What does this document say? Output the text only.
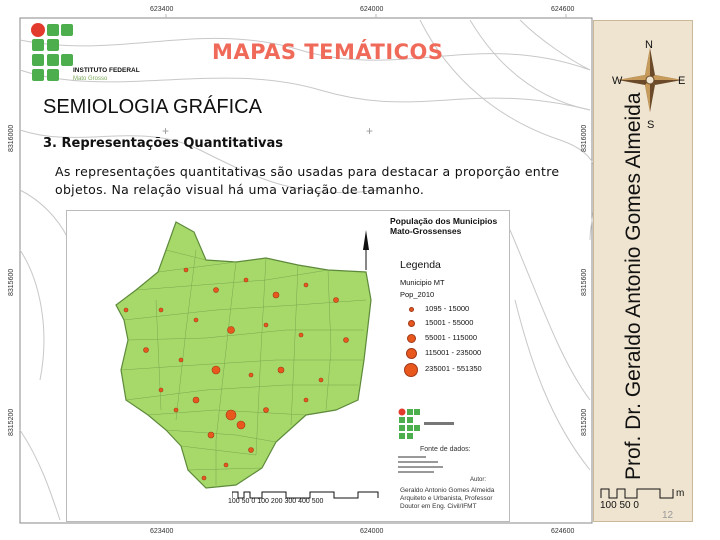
+
+
623400	624000	624600
623400	624000	624600
8316000
8315600
8315200
8316000
8315600
8315200
INSTITUTO FEDERAL
Mato Grosso
MAPAS TEMÁTICOS
SEMIOLOGIA GRÁFICA
3. Representações Quantitativas
As representações quantitativas são usadas para destacar a proporção entre objetos. Na relação visual há uma variação de tamanho.
População dos Municipios Mato-Grossenses
Legenda
Municipio MT
Pop_2010
1095 - 15000
15001 - 55000
55001 - 115000
115001 - 235000
235001 - 551350
Fonte de dados:
Autor:
Geraldo Antonio Gomes Almeida Arquiteto e Urbanista, Professor Doutor em Eng. Civil/IFMT
100 50 0 100 200 300 400 500
N
S
E
W
Prof. Dr. Geraldo Antonio Gomes Almeida
100 50 0
m
12
